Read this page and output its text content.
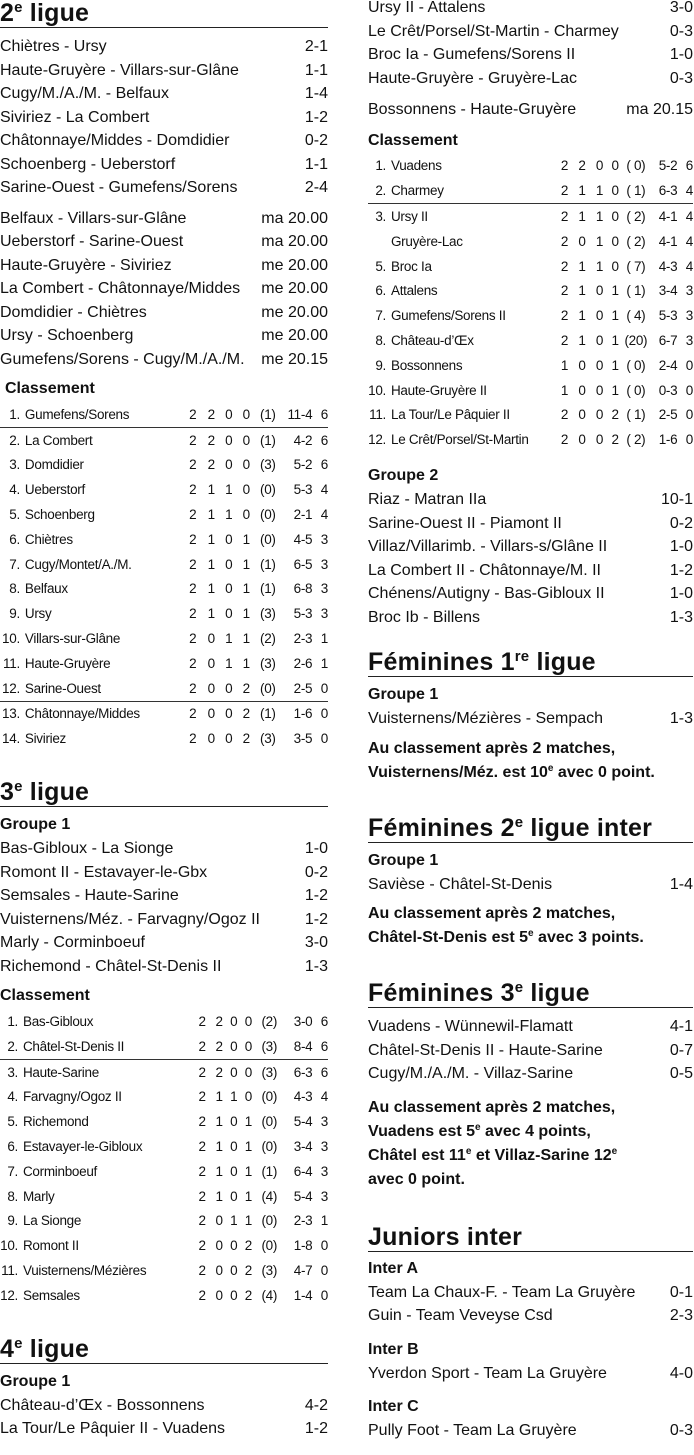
2e ligue
Chiètres - Ursy	2-1
Haute-Gruyère - Villars-sur-Glâne	1-1
Cugy/M./A./M. - Belfaux	1-4
Siviriez - La Combert	1-2
Châtonnaye/Middes - Domdidier	0-2
Schoenberg - Ueberstorf	1-1
Sarine-Ouest - Gumefens/Sorens	2-4
Belfaux - Villars-sur-Glâne	ma 20.00
Ueberstorf - Sarine-Ouest	ma 20.00
Haute-Gruyère - Siviriez	me 20.00
La Combert - Châtonnaye/Middes me 20.00
Domdidier - Chiètres	me 20.00
Ursy - Schoenberg	me 20.00
Gumefens/Sorens - Cugy/M./A./M. me 20.15
Classement
1.	Gumefens/Sorens	2	2	0	0	(1)	11-4	6
2.	La Combert	2	2	0	0	(1)	4-2	6
3.	Domdidier	2	2	0	0	(3)	5-2	6
4.	Ueberstorf	2	1	1	0	(0)	5-3	4
5.	Schoenberg	2	1	1	0	(0)	2-1	4
6.	Chiètres	2	1	0	1	(0)	4-5	3
7.	Cugy/Montet/A./M.	2	1	0	1	(1)	6-5	3
8.	Belfaux	2	1	0	1	(1)	6-8	3
9.	Ursy	2	1	0	1	(3)	5-3	3
10.	Villars-sur-Glâne	2	0	1	1	(2)	2-3	1
11.	Haute-Gruyère	2	0	1	1	(3)	2-6	1
12.	Sarine-Ouest	2	0	0	2	(0)	2-5	0
13.	Châtonnaye/Middes	2	0	0	2	(1)	1-6	0
14.	Siviriez	2	0	0	2	(3)	3-5	0
3e ligue
Groupe 1
Bas-Gibloux - La Sionge	1-0
Romont II - Estavayer-le-Gbx	0-2
Semsales - Haute-Sarine	1-2
Vuisternens/Méz. - Farvagny/Ogoz II	1-2
Marly - Corminboeuf	3-0
Richemond - Châtel-St-Denis II	1-3
Classement
1.	Bas-Gibloux	2	2	0	0	(2)	3-0	6
2.	Châtel-St-Denis II	2	2	0	0	(3)	8-4	6
3.	Haute-Sarine	2	2	0	0	(3)	6-3	6
4.	Farvagny/Ogoz II	2	1	1	0	(0)	4-3	4
5.	Richemond	2	1	0	1	(0)	5-4	3
6.	Estavayer-le-Gibloux	2	1	0	1	(0)	3-4	3
7.	Corminboeuf	2	1	0	1	(1)	6-4	3
8.	Marly	2	1	0	1	(4)	5-4	3
9.	La Sionge	2	0	1	1	(0)	2-3	1
10.	Romont II	2	0	0	2	(0)	1-8	0
11.	Vuisternens/Mézières	2	0	0	2	(3)	4-7	0
12.	Semsales	2	0	0	2	(4)	1-4	0
4e ligue
Groupe 1
Château-d’Œx - Bossonnens	4-2
La Tour/Le Pâquier II - Vuadens	1-2
Ursy II - Attalens	3-0
Le Crêt/Porsel/St-Martin - Charmey	0-3
Broc Ia - Gumefens/Sorens II	1-0
Haute-Gruyère - Gruyère-Lac	0-3
Bossonnens - Haute-Gruyère	ma 20.15
Classement
1.	Vuadens	2	2	0	0	( 0)	5-2	6
2.	Charmey	2	1	1	0	( 1)	6-3	4
3.	Ursy II	2	1	1	0	( 2)	4-1	4
	Gruyère-Lac	2	0	1	0	( 2)	4-1	4
5.	Broc Ia	2	1	1	0	( 7)	4-3	4
6.	Attalens	2	1	0	1	( 1)	3-4	3
7.	Gumefens/Sorens II	2	1	0	1	( 4)	5-3	3
8.	Château-d’Œx	2	1	0	1	(20)	6-7	3
9.	Bossonnens	1	0	0	1	( 0)	2-4	0
10.	Haute-Gruyère II	1	0	0	1	( 0)	0-3	0
11.	La Tour/Le Pâquier II	2	0	0	2	( 1)	2-5	0
12.	Le Crêt/Porsel/St-Martin	2	0	0	2	( 2)	1-6	0
Groupe 2
Riaz - Matran IIa	10-1
Sarine-Ouest II - Piamont II	0-2
Villaz/Villarimb. - Villars-s/Glâne II	1-0
La Combert II - Châtonnaye/M. II	1-2
Chénens/Autigny - Bas-Gibloux II	1-0
Broc Ib - Billens	1-3
Féminines 1re ligue
Groupe 1
Vuisternens/Mézières - Sempach	1-3
Au classement après 2 matches,
Vuisternens/Méz. est 10e avec 0 point.
Féminines 2e ligue inter
Groupe 1
Savièse - Châtel-St-Denis	1-4
Au classement après 2 matches,
Châtel-St-Denis est 5e avec 3 points.
Féminines 3e ligue
Vuadens - Wünnewil-Flamatt	4-1
Châtel-St-Denis II - Haute-Sarine	0-7
Cugy/M./A./M. - Villaz-Sarine	0-5
Au classement après 2 matches,
Vuadens est 5e avec 4 points,
Châtel est 11e et Villaz-Sarine 12e
avec 0 point.
Juniors inter
Inter A
Team La Chaux-F. - Team La Gruyère 0-1
Guin - Team Veveyse Csd	2-3
Inter B
Yverdon Sport - Team La Gruyère	4-0
Inter C
Pully Foot - Team La Gruyère	0-3
